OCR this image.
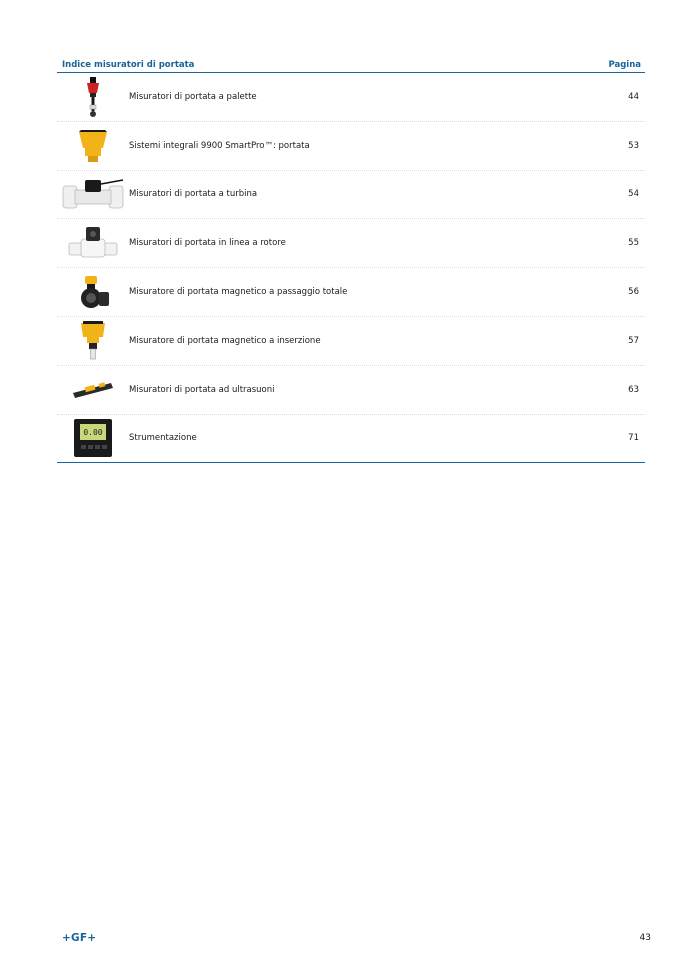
Indice misuratori di portata	Pagina
Misuratori di portata a palette	44
Sistemi integrali 9900 SmartPro™: portata	53
Misuratori di portata a turbina	54
Misuratori di portata in linea a rotore	55
Misuratore di portata magnetico a passaggio totale	56
Misuratore di portata magnetico a inserzione	57
Misuratori di portata ad ultrasuoni	63
0.00
Strumentazione	71
+GF+	43
